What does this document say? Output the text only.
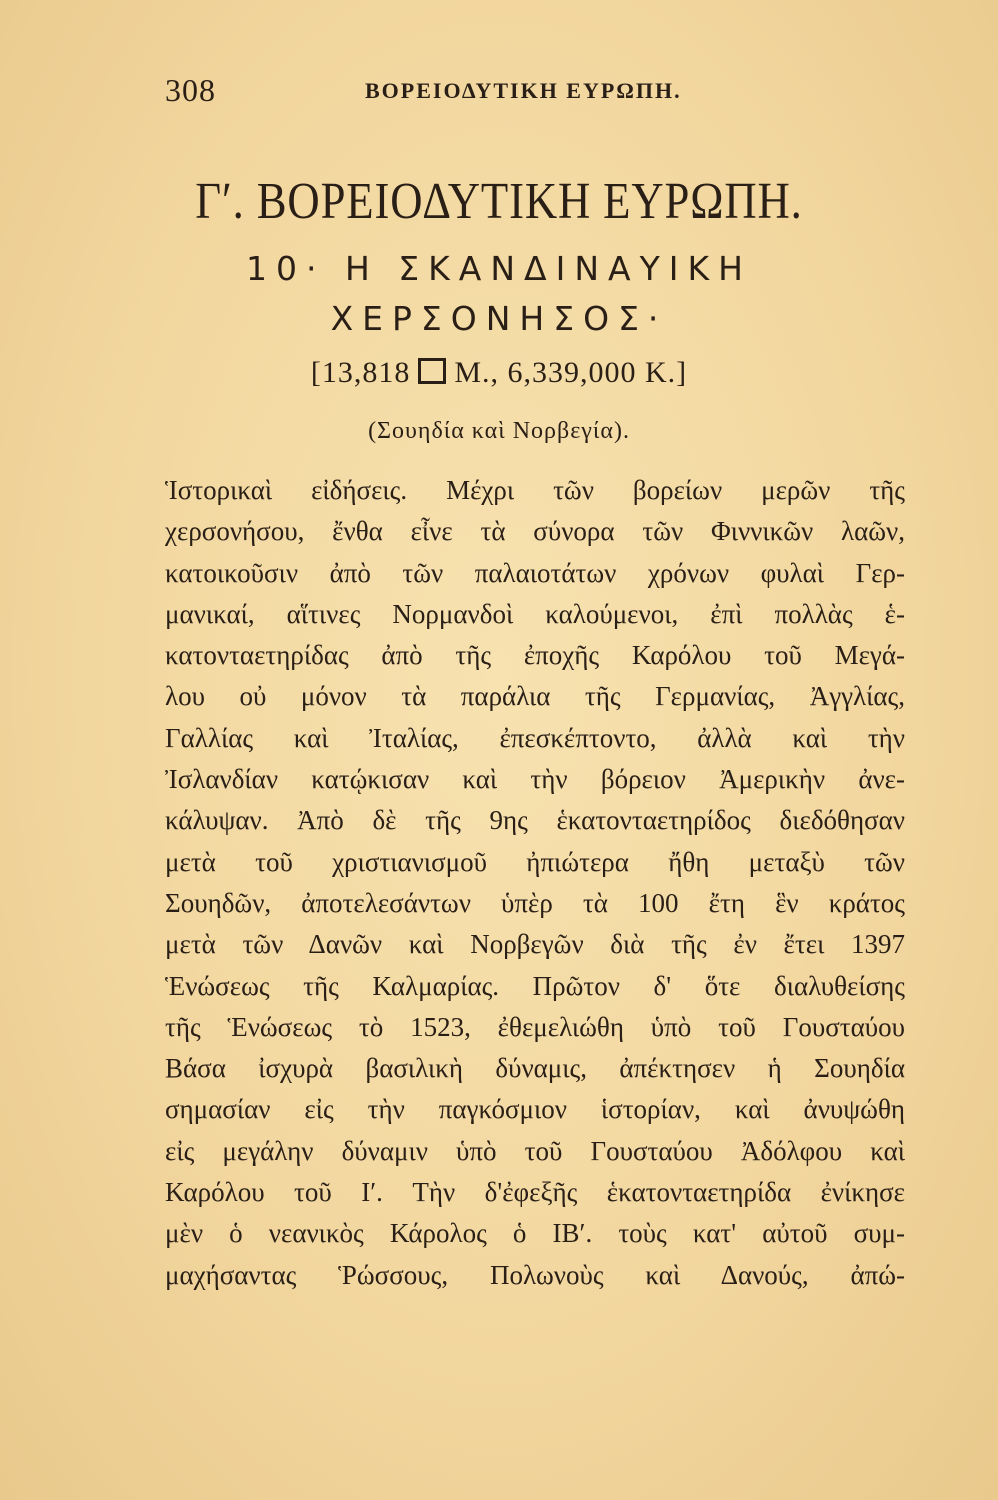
308	ΒΟΡΕΙΟΔΥΤΙΚΗ ΕΥΡΩΠΗ.
Γʹ. ΒΟΡΕΙΟΔΥΤΙΚΗ ΕΥΡΩΠΗ.
10· Η ΣΚΑΝΔΙΝΑΥΙΚΗ
ΧΕΡΣΟΝΗΣΟΣ·
[13,818 M., 6,339,000 K.]
(Σουηδία καὶ Νορβεγία).
Ἱστορικαὶ εἰδήσεις. Μέχρι τῶν βορείων μερῶν τῆς
χερσονήσου, ἔνθα εἶνε τὰ σύνορα τῶν Φιννικῶν λαῶν,
κατοικοῦσιν ἀπὸ τῶν παλαιοτάτων χρόνων φυλαὶ Γερ-
μανικαί, αἵτινες Νορμανδοὶ καλούμενοι, ἐπὶ πολλὰς ἑ-
κατονταετηρίδας ἀπὸ τῆς ἐποχῆς Καρόλου τοῦ Μεγά-
λου οὐ μόνον τὰ παράλια τῆς Γερμανίας, Ἀγγλίας,
Γαλλίας καὶ Ἰταλίας, ἐπεσκέπτοντο, ἀλλὰ καὶ τὴν
Ἰσλανδίαν κατῴκισαν καὶ τὴν βόρειον Ἀμερικὴν ἀνε-
κάλυψαν. Ἀπὸ δὲ τῆς 9ης ἑκατονταετηρίδος διεδόθησαν
μετὰ τοῦ χριστιανισμοῦ ἠπιώτερα ἤθη μεταξὺ τῶν
Σουηδῶν, ἀποτελεσάντων ὑπὲρ τὰ 100 ἔτη ἓν κράτος
μετὰ τῶν Δανῶν καὶ Νορβεγῶν διὰ τῆς ἐν ἔτει 1397
Ἑνώσεως τῆς Καλμαρίας. Πρῶτον δ' ὅτε διαλυθείσης
τῆς Ἑνώσεως τὸ 1523, ἐθεμελιώθη ὑπὸ τοῦ Γουσταύου
Βάσα ἰσχυρὰ βασιλικὴ δύναμις, ἀπέκτησεν ἡ Σουηδία
σημασίαν εἰς τὴν παγκόσμιον ἱστορίαν, καὶ ἀνυψώθη
εἰς μεγάλην δύναμιν ὑπὸ τοῦ Γουσταύου Ἀδόλφου καὶ
Καρόλου τοῦ Iʹ. Τὴν δ'ἐφεξῆς ἑκατονταετηρίδα ἐνίκησε
μὲν ὁ νεανικὸς Κάρολος ὁ IBʹ. τοὺς κατ' αὐτοῦ συμ-
μαχήσαντας Ῥώσσους, Πολωνοὺς καὶ Δανούς, ἀπώ-
